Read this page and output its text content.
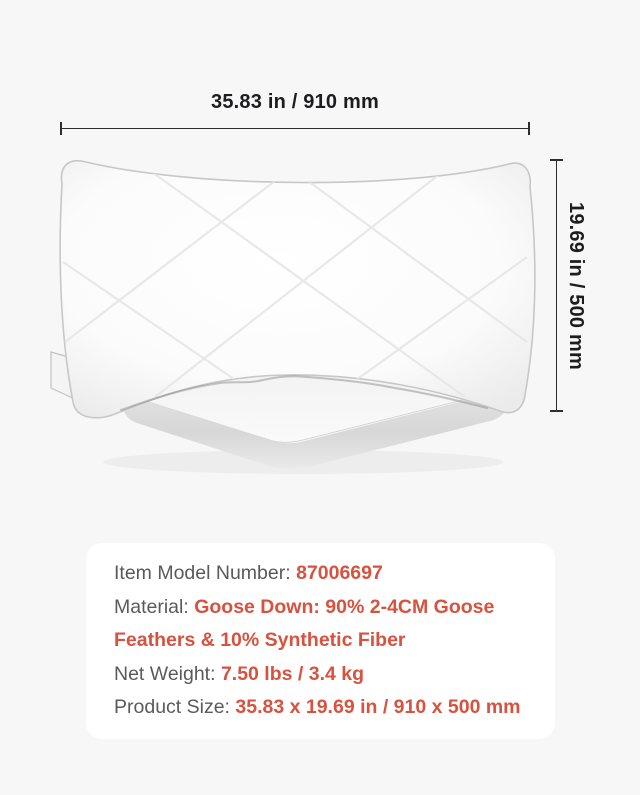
35.83 in / 910 mm
19.69 in / 500 mm

Item Model Number: 87006697

Material: Goose Down: 90% 2-4CM Goose Feathers & 10% Synthetic Fiber

Net Weight: 7.50 lbs / 3.4 kg

Product Size: 35.83 x 19.69 in / 910 x 500 mm
